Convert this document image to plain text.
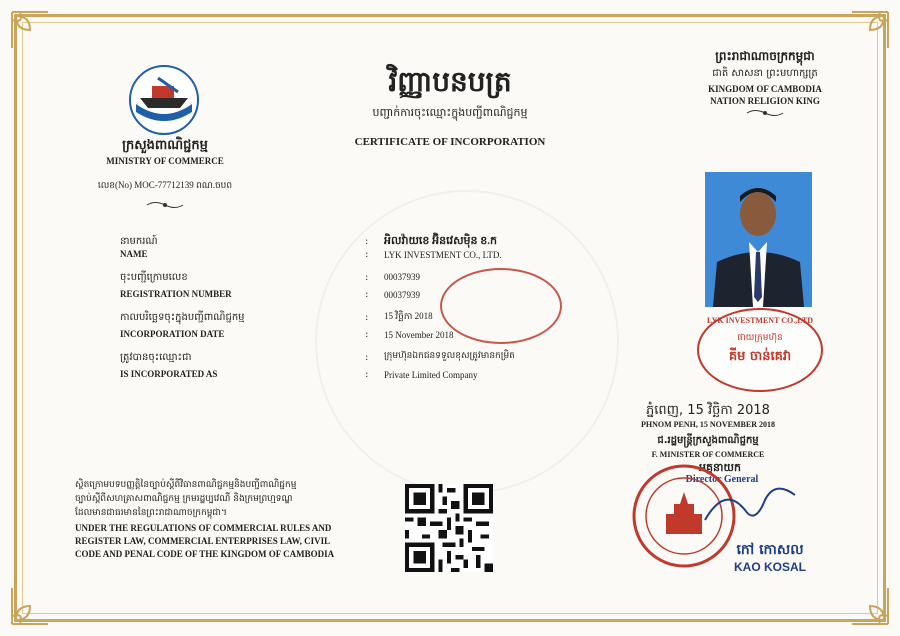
ក្រសួងពាណិជ្ជកម្ម
MINISTRY OF COMMERCE
លេខ(No) MOC-77712139 ពណ.ចបព
វិញ្ញាបនបត្រ
បញ្ជាក់ការចុះឈ្មោះក្នុងបញ្ជីពាណិជ្ជកម្ម
CERTIFICATE OF INCORPORATION
ព្រះរាជាណាចក្រកម្ពុជា
ជាតិ សាសនា ព្រះមហាក្សត្រ
KINGDOM OF CAMBODIA
NATION RELIGION KING
នាមករណ៍
NAME
:
:
អិលវ៉ាយខេ អ៊ិនវេសម៉ិន ខ.ក
LYK INVESTMENT CO., LTD.
ចុះបញ្ជីក្រោមលេខ
REGISTRATION NUMBER
:
:
00037939
00037939
កាលបរិច្ឆេទចុះក្នុងបញ្ជីពាណិជ្ជកម្ម
INCORPORATION DATE
:
:
15 វិច្ឆិកា 2018
15 November 2018
ត្រូវបានចុះឈ្មោះជា
IS INCORPORATED AS
:
:
ក្រុមហ៊ុនឯកជនទទួលខុសត្រូវមានកម្រិត
Private Limited Company
LYK INVESTMENT CO.,LTD
ផាយក្រុមហ៊ុន
គីម ចាន់គេវា
ភ្នំពេញ, 15 វិច្ឆិកា 2018
PHNOM PENH, 15 NOVEMBER 2018
ជ.រដ្ឋមន្ត្រីក្រសួងពាណិជ្ជកម្ម
F. MINISTER OF COMMERCE
អគ្គនាយក
Director General
កៅ កោសល
KAO KOSAL
ស្ថិតក្រោមបទបញ្ញត្តិនៃច្បាប់ស្តីពីវិធានពាណិជ្ជកម្មនិងបញ្ជីពាណិជ្ជកម្ម
ច្បាប់ស្តីពីសហគ្រាសពាណិជ្ជកម្ម ក្រមរដ្ឋប្បវេណី និងក្រមព្រហ្មទណ្ឌ
ដែលមានជាធរមាននៃព្រះរាជាណាចក្រកម្ពុជា។
UNDER THE REGULATIONS OF COMMERCIAL RULES AND
REGISTER LAW, COMMERCIAL ENTERPRISES LAW, CIVIL
CODE AND PENAL CODE OF THE KINGDOM OF CAMBODIA
